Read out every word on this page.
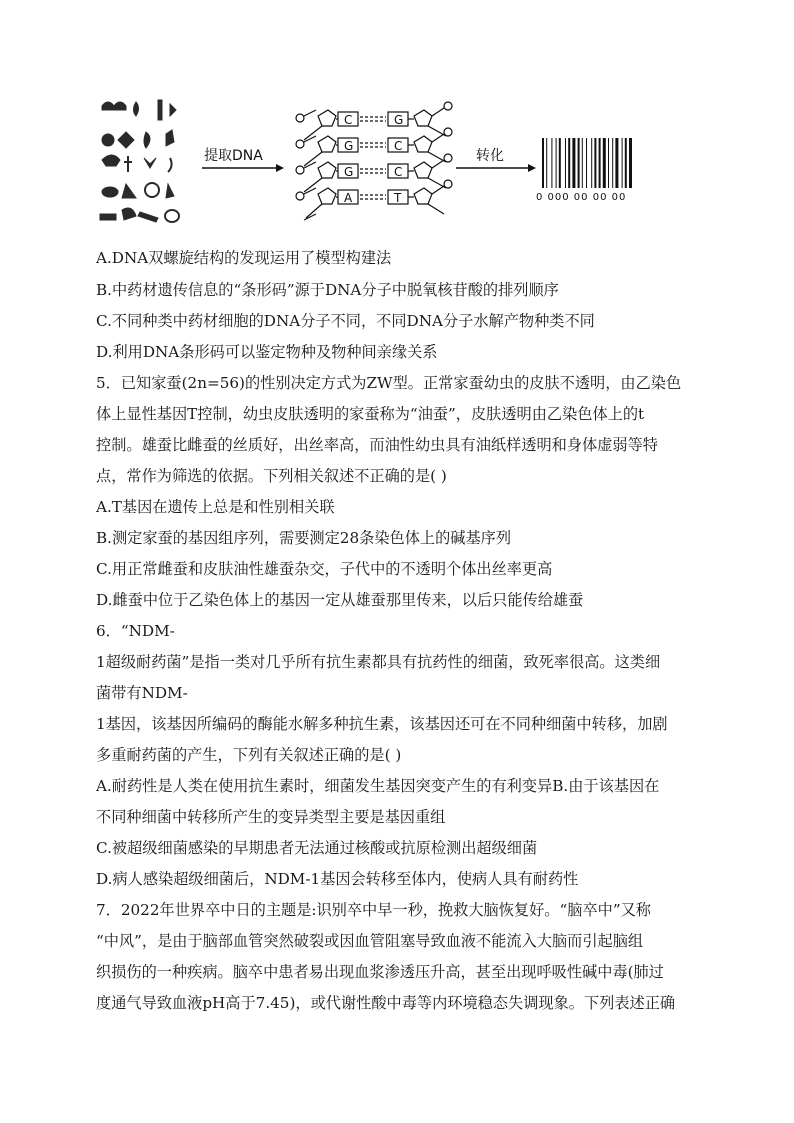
提取DNA
C	G
G	C
G	C
A	T
转化
0 000 00 00 00
A.DNA双螺旋结构的发现运用了模型构建法
B.中药材遗传信息的“条形码”源于DNA分子中脱氧核苷酸的排列顺序
C.不同种类中药材细胞的DNA分子不同，不同DNA分子水解产物种类不同
D.利用DNA条形码可以鉴定物种及物种间亲缘关系
5．已知家蚕(2n=56)的性别决定方式为ZW型。正常家蚕幼虫的皮肤不透明，由乙染色
体上显性基因T控制，幼虫皮肤透明的家蚕称为“油蚕”，皮肤透明由乙染色体上的t
控制。雄蚕比雌蚕的丝质好，出丝率高，而油性幼虫具有油纸样透明和身体虚弱等特
点，常作为筛选的依据。下列相关叙述不正确的是( )
A.T基因在遗传上总是和性别相关联
B.测定家蚕的基因组序列，需要测定28条染色体上的碱基序列
C.用正常雌蚕和皮肤油性雄蚕杂交，子代中的不透明个体出丝率更高
D.雌蚕中位于乙染色体上的基因一定从雄蚕那里传来，以后只能传给雄蚕
6．“NDM-
1超级耐药菌”是指一类对几乎所有抗生素都具有抗药性的细菌，致死率很高。这类细
菌带有NDM-
1基因，该基因所编码的酶能水解多种抗生素，该基因还可在不同种细菌中转移，加剧
多重耐药菌的产生，下列有关叙述正确的是( )
A.耐药性是人类在使用抗生素时，细菌发生基因突变产生的有利变异B.由于该基因在
不同种细菌中转移所产生的变异类型主要是基因重组
C.被超级细菌感染的早期患者无法通过核酸或抗原检测出超级细菌
D.病人感染超级细菌后，NDM-1基因会转移至体内，使病人具有耐药性
7．2022年世界卒中日的主题是:识别卒中早一秒，挽救大脑恢复好。“脑卒中”又称
“中风”，是由于脑部血管突然破裂或因血管阻塞导致血液不能流入大脑而引起脑组
织损伤的一种疾病。脑卒中患者易出现血浆渗透压升高，甚至出现呼吸性碱中毒(肺过
度通气导致血液pH高于7.45)，或代谢性酸中毒等内环境稳态失调现象。下列表述正确
